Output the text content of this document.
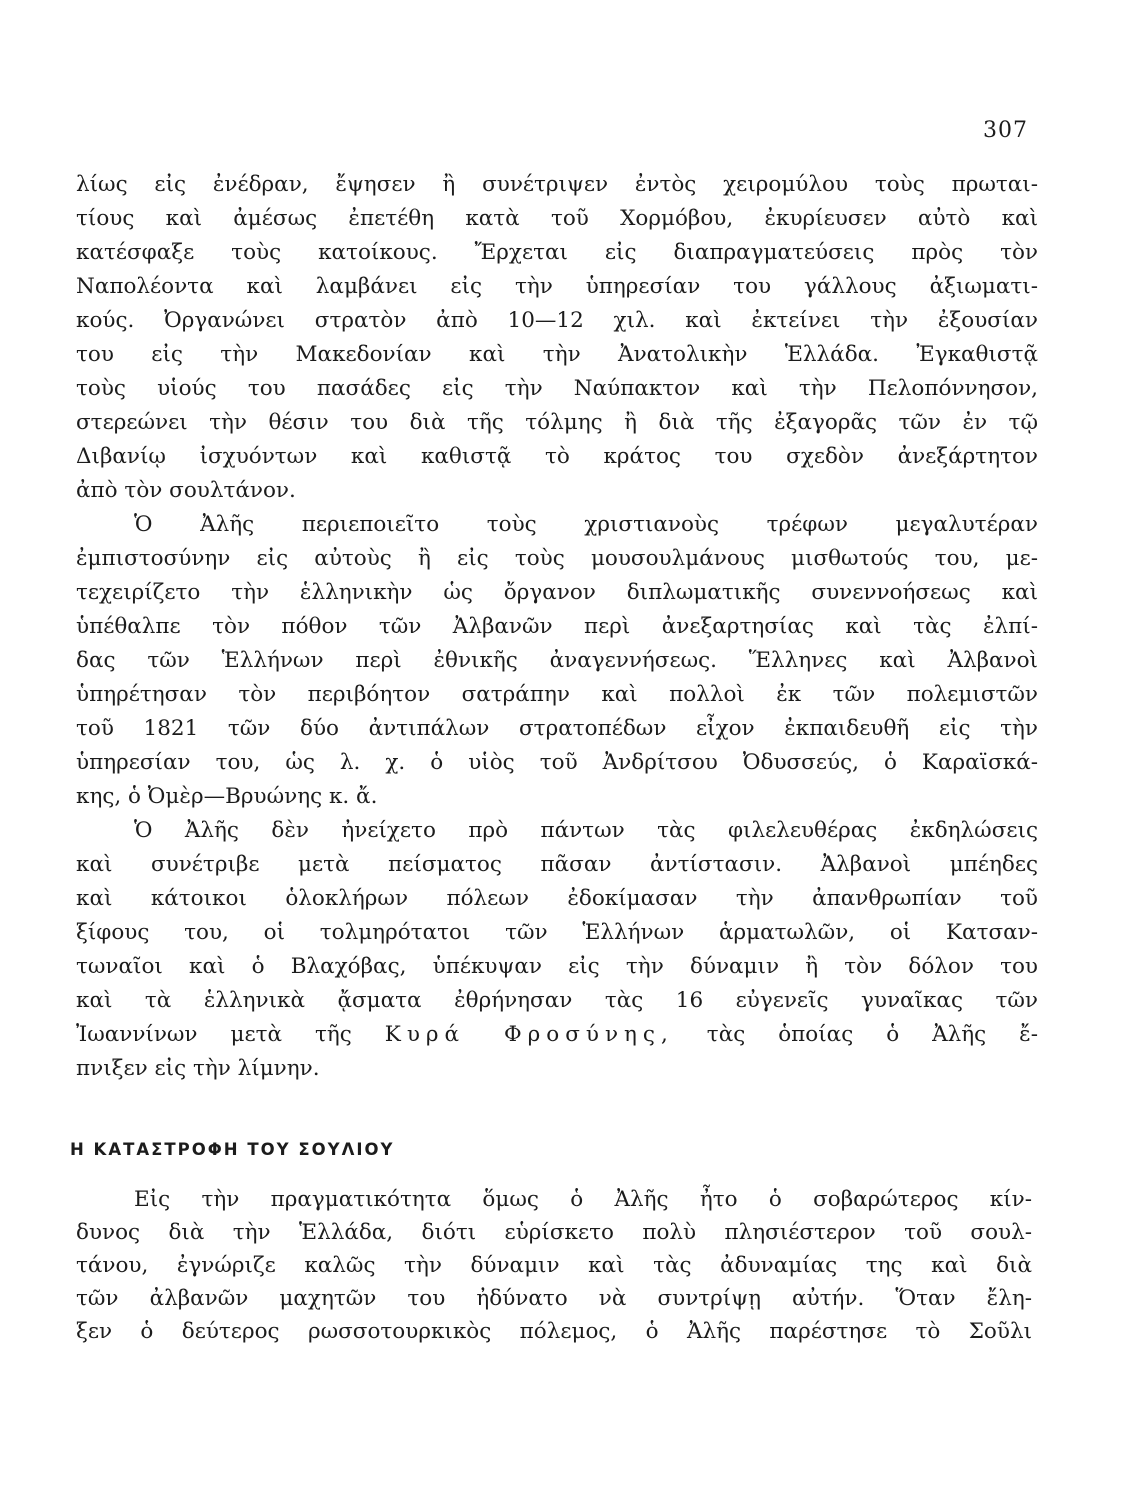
307
λίως εἰς ἐνέδραν, ἔψησεν ἢ συνέτριψεν ἐντὸς χειρομύλου τοὺς πρωται-
τίους καὶ ἀμέσως ἐπετέθη κατὰ τοῦ Χορμόβου, ἐκυρίευσεν αὐτὸ καὶ
κατέσφαξε τοὺς κατοίκους. Ἔρχεται εἰς διαπραγματεύσεις πρὸς τὸν
Ναπολέοντα καὶ λαμβάνει εἰς τὴν ὑπηρεσίαν του γάλλους ἀξιωματι-
κούς. Ὀργανώνει στρατὸν ἀπὸ 10—12 χιλ. καὶ ἐκτείνει τὴν ἐξουσίαν
του εἰς τὴν Μακεδονίαν καὶ τὴν Ἀνατολικὴν Ἑλλάδα. Ἐγκαθιστᾷ
τοὺς υἱούς του πασάδες εἰς τὴν Ναύπακτον καὶ τὴν Πελοπόννησον,
στερεώνει τὴν θέσιν του διὰ τῆς τόλμης ἢ διὰ τῆς ἐξαγορᾶς τῶν ἐν τῷ
Διβανίῳ ἰσχυόντων καὶ καθιστᾷ τὸ κράτος του σχεδὸν ἀνεξάρτητον
ἀπὸ τὸν σουλτάνον.
Ὁ Ἀλῆς περιεποιεῖτο τοὺς χριστιανοὺς τρέφων μεγαλυτέραν
ἐμπιστοσύνην εἰς αὐτοὺς ἢ εἰς τοὺς μουσουλμάνους μισθωτούς του, με-
τεχειρίζετο τὴν ἑλληνικὴν ὡς ὄργανον διπλωματικῆς συνεννοήσεως καὶ
ὑπέθαλπε τὸν πόθον τῶν Ἀλβανῶν περὶ ἀνεξαρτησίας καὶ τὰς ἐλπί-
δας τῶν Ἑλλήνων περὶ ἐθνικῆς ἀναγεννήσεως. Ἕλληνες καὶ Ἀλβανοὶ
ὑπηρέτησαν τὸν περιβόητον σατράπην καὶ πολλοὶ ἐκ τῶν πολεμιστῶν
τοῦ 1821 τῶν δύο ἀντιπάλων στρατοπέδων εἶχον ἐκπαιδευθῆ εἰς τὴν
ὑπηρεσίαν του, ὡς λ. χ. ὁ υἱὸς τοῦ Ἀνδρίτσου Ὀδυσσεύς, ὁ Καραϊσκά-
κης, ὁ Ὀμὲρ—Βρυώνης κ. ἄ.
Ὁ Ἀλῆς δὲν ἠνείχετο πρὸ πάντων τὰς φιλελευθέρας ἐκδηλώσεις
καὶ συνέτριβε μετὰ πείσματος πᾶσαν ἀντίστασιν. Ἀλβανοὶ μπέηδες
καὶ κάτοικοι ὁλοκλήρων πόλεων ἐδοκίμασαν τὴν ἀπανθρωπίαν τοῦ
ξίφους του, οἱ τολμηρότατοι τῶν Ἑλλήνων ἁρματωλῶν, οἱ Κατσαν-
τωναῖοι καὶ ὁ Βλαχόβας, ὑπέκυψαν εἰς τὴν δύναμιν ἢ τὸν δόλον του
καὶ τὰ ἑλληνικὰ ᾄσματα ἐθρήνησαν τὰς 16 εὐγενεῖς γυναῖκας τῶν
Ἰωαννίνων μετὰ τῆς Κυρά Φροσύνης, τὰς ὁποίας ὁ Ἀλῆς ἔ-
πνιξεν εἰς τὴν λίμνην.
Η ΚΑΤΑΣΤΡΟΦΗ ΤΟΥ ΣΟΥΛΙΟΥ
Εἰς τὴν πραγματικότητα ὅμως ὁ Ἀλῆς ἦτο ὁ σοβαρώτερος κίν-
δυνος διὰ τὴν Ἑλλάδα, διότι εὑρίσκετο πολὺ πλησιέστερον τοῦ σουλ-
τάνου, ἐγνώριζε καλῶς τὴν δύναμιν καὶ τὰς ἀδυναμίας της καὶ διὰ
τῶν ἀλβανῶν μαχητῶν του ἠδύνατο νὰ συντρίψῃ αὐτήν. Ὅταν ἔλη-
ξεν ὁ δεύτερος ρωσσοτουρκικὸς πόλεμος, ὁ Ἀλῆς παρέστησε τὸ Σοῦλι
